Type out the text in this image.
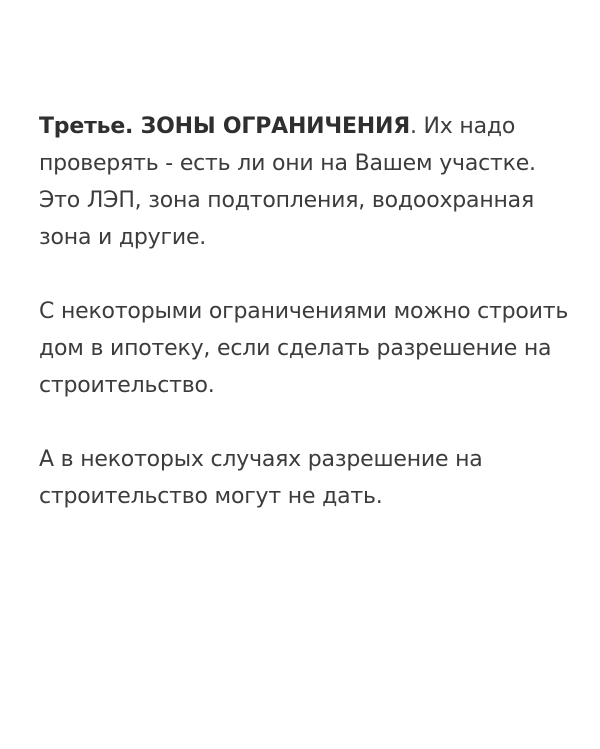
Третье. ЗОНЫ ОГРАНИЧЕНИЯ. Их надо проверять - есть ли они на Вашем участке. Это ЛЭП, зона подтопления, водоохранная зона и другие.

С некоторыми ограничениями можно строить дом в ипотеку, если сделать разрешение на строительство.

А в некоторых случаях разрешение на строительство могут не дать.
